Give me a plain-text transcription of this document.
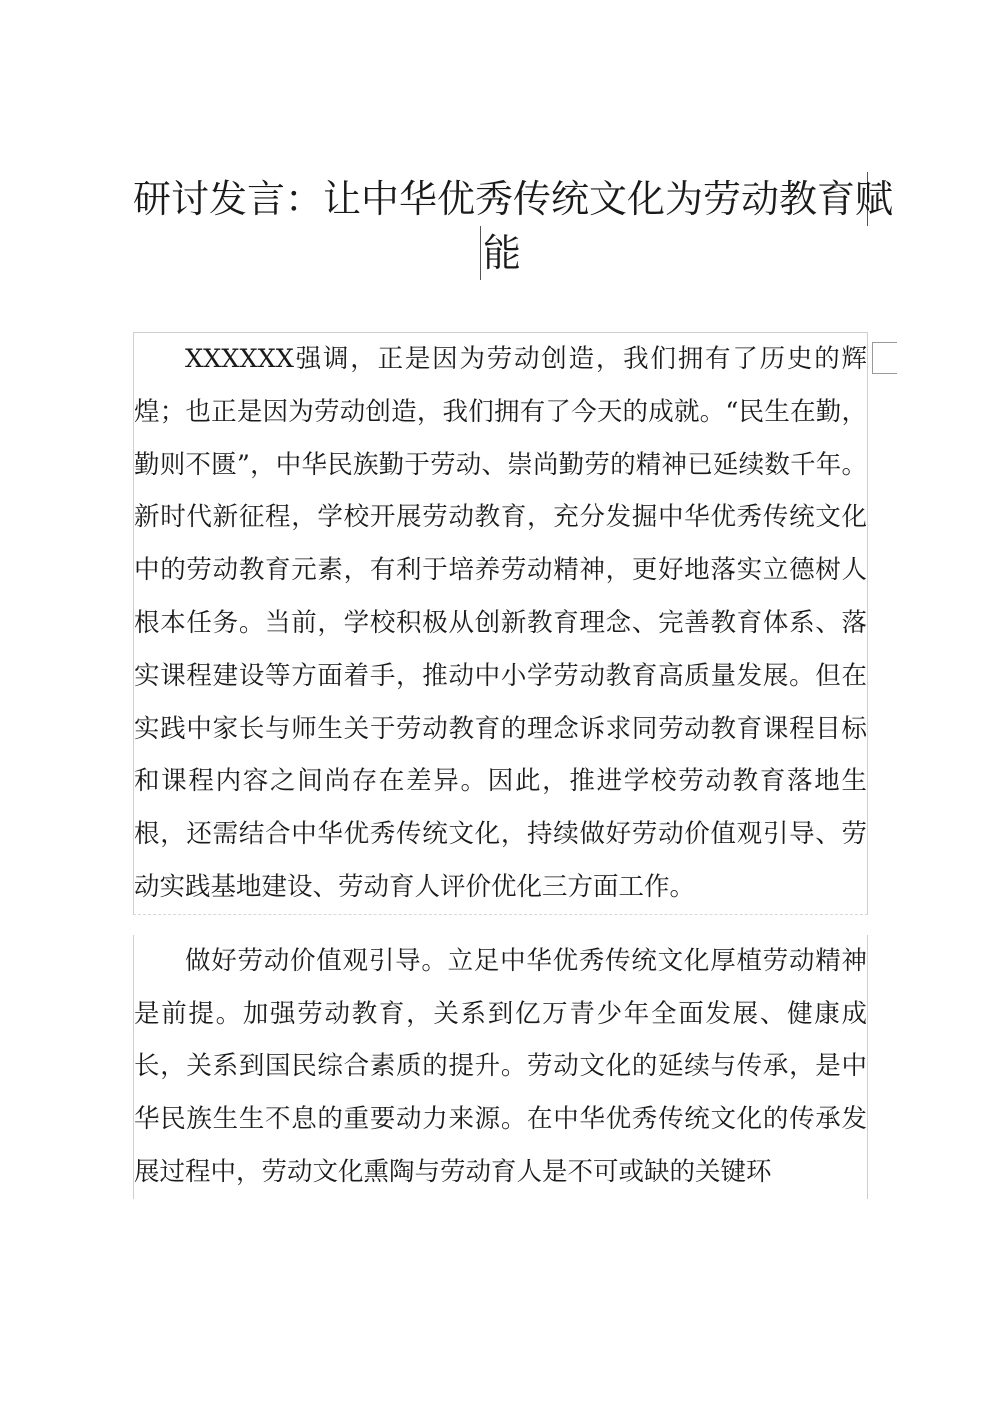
研讨发言：让中华优秀传统文化为劳动教育赋
能

XXXXXX强调，正是因为劳动创造，我们拥有了历史的辉煌；也正是因为劳动创造，我们拥有了今天的成就。“民生在勤，勤则不匮”，中华民族勤于劳动、崇尚勤劳的精神已延续数千年。新时代新征程，学校开展劳动教育，充分发掘中华优秀传统文化中的劳动教育元素，有利于培养劳动精神，更好地落实立德树人根本任务。当前，学校积极从创新教育理念、完善教育体系、落实课程建设等方面着手，推动中小学劳动教育高质量发展。但在实践中家长与师生关于劳动教育的理念诉求同劳动教育课程目标和课程内容之间尚存在差异。因此，推进学校劳动教育落地生根，还需结合中华优秀传统文化，持续做好劳动价值观引导、劳动实践基地建设、劳动育人评价优化三方面工作。

做好劳动价值观引导。立足中华优秀传统文化厚植劳动精神是前提。加强劳动教育，关系到亿万青少年全面发展、健康成长，关系到国民综合素质的提升。劳动文化的延续与传承，是中华民族生生不息的重要动力来源。在中华优秀传统文化的传承发展过程中，劳动文化熏陶与劳动育人是不可或缺的关键环
